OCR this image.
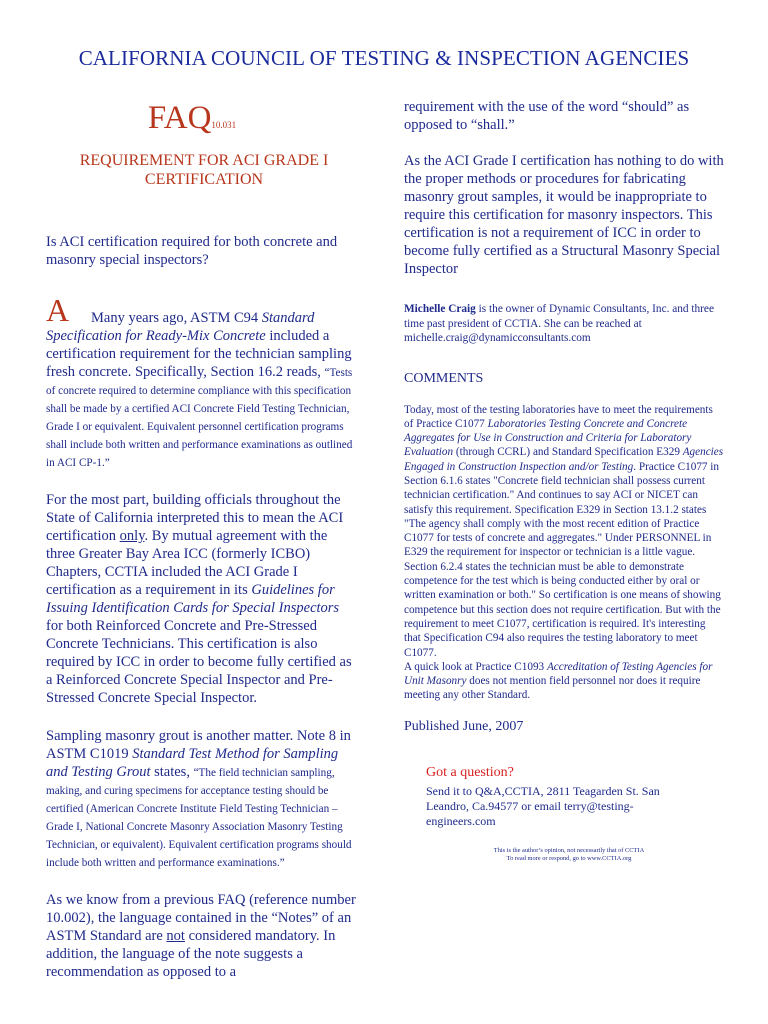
CALIFORNIA COUNCIL OF TESTING & INSPECTION AGENCIES
FAQ10.031
REQUIREMENT FOR ACI GRADE I CERTIFICATION
Is ACI certification required for both concrete and masonry special inspectors?
A	Many years ago, ASTM C94 Standard Specification for Ready-Mix Concrete included a certification requirement for the technician sampling fresh concrete. Specifically, Section 16.2 reads, “Tests of concrete required to determine compliance with this specification shall be made by a certified ACI Concrete Field Testing Technician, Grade I or equivalent. Equivalent personnel certification programs shall include both written and performance examinations as outlined in ACI CP-1.”

For the most part, building officials throughout the State of California interpreted this to mean the ACI certification only. By mutual agreement with the three Greater Bay Area ICC (formerly ICBO) Chapters, CCTIA included the ACI Grade I certification as a requirement in its Guidelines for Issuing Identification Cards for Special Inspectors for both Reinforced Concrete and Pre-Stressed Concrete Technicians. This certification is also required by ICC in order to become fully certified as a Reinforced Concrete Special Inspector and Pre-Stressed Concrete Special Inspector.

Sampling masonry grout is another matter. Note 8 in ASTM C1019 Standard Test Method for Sampling and Testing Grout states, “The field technician sampling, making, and curing specimens for acceptance testing should be certified (American Concrete Institute Field Testing Technician – Grade I, National Concrete Masonry Association Masonry Testing Technician, or equivalent). Equivalent certification programs should include both written and performance examinations.”

As we know from a previous FAQ (reference number 10.002), the language contained in the “Notes” of an ASTM Standard are not considered mandatory. In addition, the language of the note suggests a recommendation as opposed to a

requirement with the use of the word “should” as opposed to “shall.”

As the ACI Grade I certification has nothing to do with the proper methods or procedures for fabricating masonry grout samples, it would be inappropriate to require this certification for masonry inspectors. This certification is not a requirement of ICC in order to become fully certified as a Structural Masonry Special Inspector

Michelle Craig is the owner of Dynamic Consultants, Inc. and three time past president of CCTIA. She can be reached at michelle.craig@dynamicconsultants.com

COMMENTS

Today, most of the testing laboratories have to meet the requirements of Practice C1077 Laboratories Testing Concrete and Concrete Aggregates for Use in Construction and Criteria for Laboratory Evaluation (through CCRL) and Standard Specification E329 Agencies Engaged in Construction Inspection and/or Testing. Practice C1077 in Section 6.1.6 states "Concrete field technician shall possess current technician certification." And continues to say ACI or NICET can satisfy this requirement. Specification E329 in Section 13.1.2 states "The agency shall comply with the most recent edition of Practice C1077 for tests of concrete and aggregates." Under PERSONNEL in E329 the requirement for inspector or technician is a little vague. Section 6.2.4 states the technician must be able to demonstrate competence for the test which is being conducted either by oral or written examination or both." So certification is one means of showing competence but this section does not require certification. But with the requirement to meet C1077, certification is required. It's interesting that Specification C94 also requires the testing laboratory to meet C1077.
A quick look at Practice C1093 Accreditation of Testing Agencies for Unit Masonry does not mention field personnel nor does it require meeting any other Standard.

Published June, 2007
Got a question?
Send it to Q&A,CCTIA, 2811 Teagarden St. San Leandro, Ca.94577 or email terry@testing-engineers.com
This is the author’s opinion, not necessarily that of CCTIA
To read more or respond, go to www.CCTIA.org
